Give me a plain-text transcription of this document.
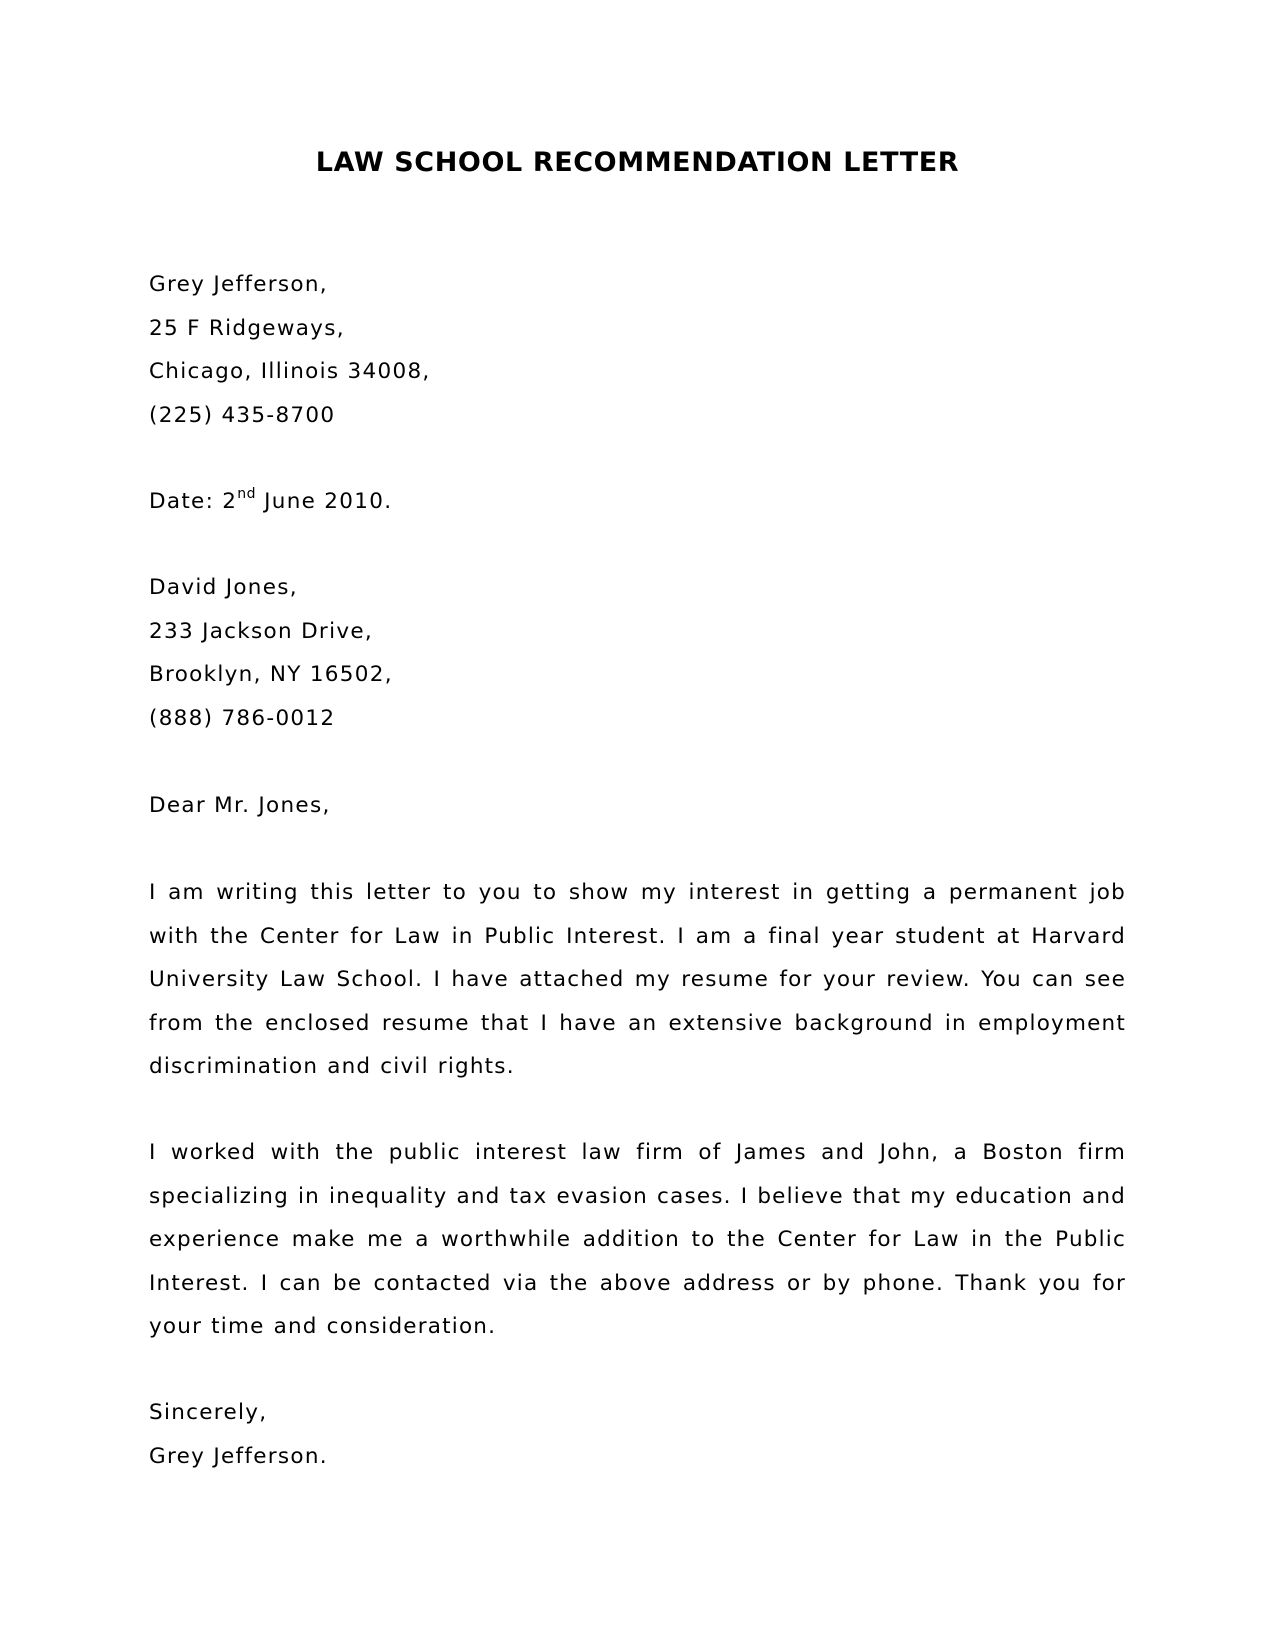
LAW SCHOOL RECOMMENDATION LETTER
Grey Jefferson,
25 F Ridgeways,
Chicago, Illinois 34008,
(225) 435-8700
Date: 2nd June 2010.
David Jones,
233 Jackson Drive,
Brooklyn, NY 16502,
(888) 786-0012
Dear Mr. Jones,
I am writing this letter to you to show my interest in getting a permanent job with the Center for Law in Public Interest. I am a final year student at Harvard University Law School. I have attached my resume for your review. You can see from the enclosed resume that I have an extensive background in employment discrimination and civil rights.
I worked with the public interest law firm of James and John, a Boston firm specializing in inequality and tax evasion cases. I believe that my education and experience make me a worthwhile addition to the Center for Law in the Public Interest. I can be contacted via the above address or by phone. Thank you for your time and consideration.
Sincerely,
Grey Jefferson.
